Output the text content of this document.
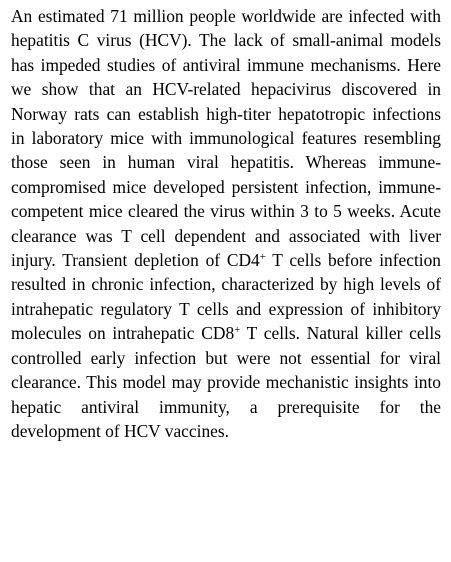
An estimated 71 million people worldwide are infected with hepatitis C virus (HCV). The lack of small-animal models has impeded studies of antiviral immune mechanisms. Here we show that an HCV-related hepacivirus discovered in Norway rats can establish high-titer hepatotropic infections in laboratory mice with immunological features resembling those seen in human viral hepatitis. Whereas immune-compromised mice developed persistent infection, immune-competent mice cleared the virus within 3 to 5 weeks. Acute clearance was T cell dependent and associated with liver injury. Transient depletion of CD4+ T cells before infection resulted in chronic infection, characterized by high levels of intrahepatic regulatory T cells and expression of inhibitory molecules on intrahepatic CD8+ T cells. Natural killer cells controlled early infection but were not essential for viral clearance. This model may provide mechanistic insights into hepatic antiviral immunity, a prerequisite for the development of HCV vaccines.
